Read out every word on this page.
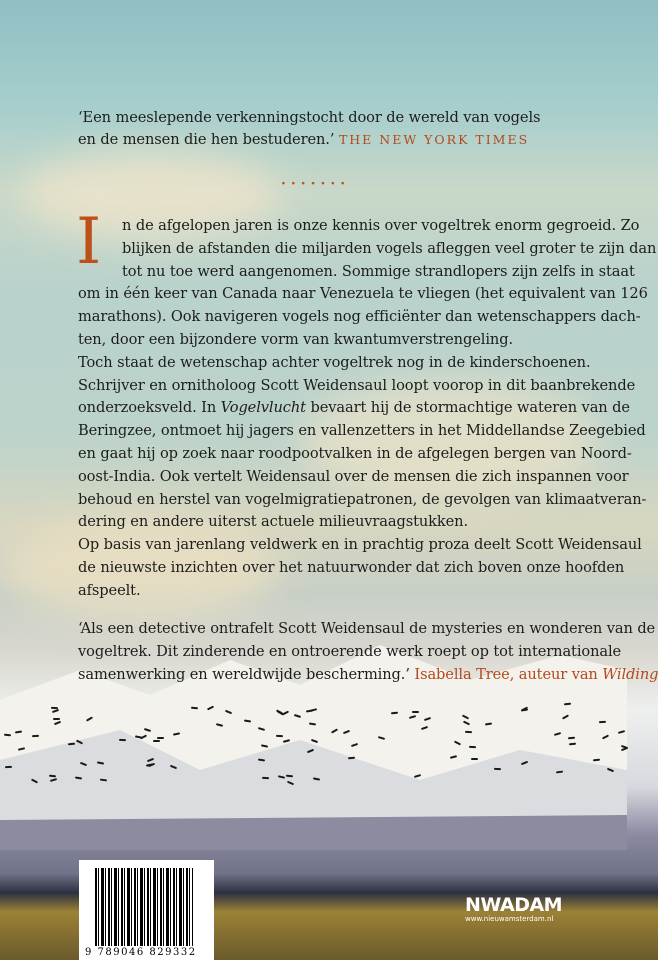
‘Een meeslepende verkenningstocht door de wereld van vogels
en de mensen die hen bestuderen.’ THE NEW YORK TIMES
·······
I n de afgelopen jaren is onze kennis over vogeltrek enorm gegroeid. Zo
blijken de afstanden die miljarden vogels afleggen veel groter te zijn dan
tot nu toe werd aangenomen. Sommige strandlopers zijn zelfs in staat
om in één keer van Canada naar Venezuela te vliegen (het equivalent van 126
marathons). Ook navigeren vogels nog efficiënter dan wetenschappers dach-
ten, door een bijzondere vorm van kwantumverstrengeling.
Toch staat de wetenschap achter vogeltrek nog in de kinderschoenen.
Schrijver en ornitholoog Scott Weidensaul loopt voorop in dit baanbrekende
onderzoeksveld. In Vogelvlucht bevaart hij de stormachtige wateren van de
Beringzee, ontmoet hij jagers en vallenzetters in het Middellandse Zeegebied
en gaat hij op zoek naar roodpootvalken in de afgelegen bergen van Noord-
oost-India. Ook vertelt Weidensaul over de mensen die zich inspannen voor
behoud en herstel van vogelmigratiepatronen, de gevolgen van klimaatveran-
dering en andere uiterst actuele milieuvraagstukken.
Op basis van jarenlang veldwerk en in prachtig proza deelt Scott Weidensaul
de nieuwste inzichten over het natuurwonder dat zich boven onze hoofden
afspeelt.
‘Als een detective ontrafelt Scott Weidensaul de mysteries en wonderen van de
vogeltrek. Dit zinderende en ontroerende werk roept op tot internationale
samenwerking en wereldwijde bescherming.’ Isabella Tree, auteur van Wilding
9 789046 829332
NWADAM
www.nieuwamsterdam.nl
